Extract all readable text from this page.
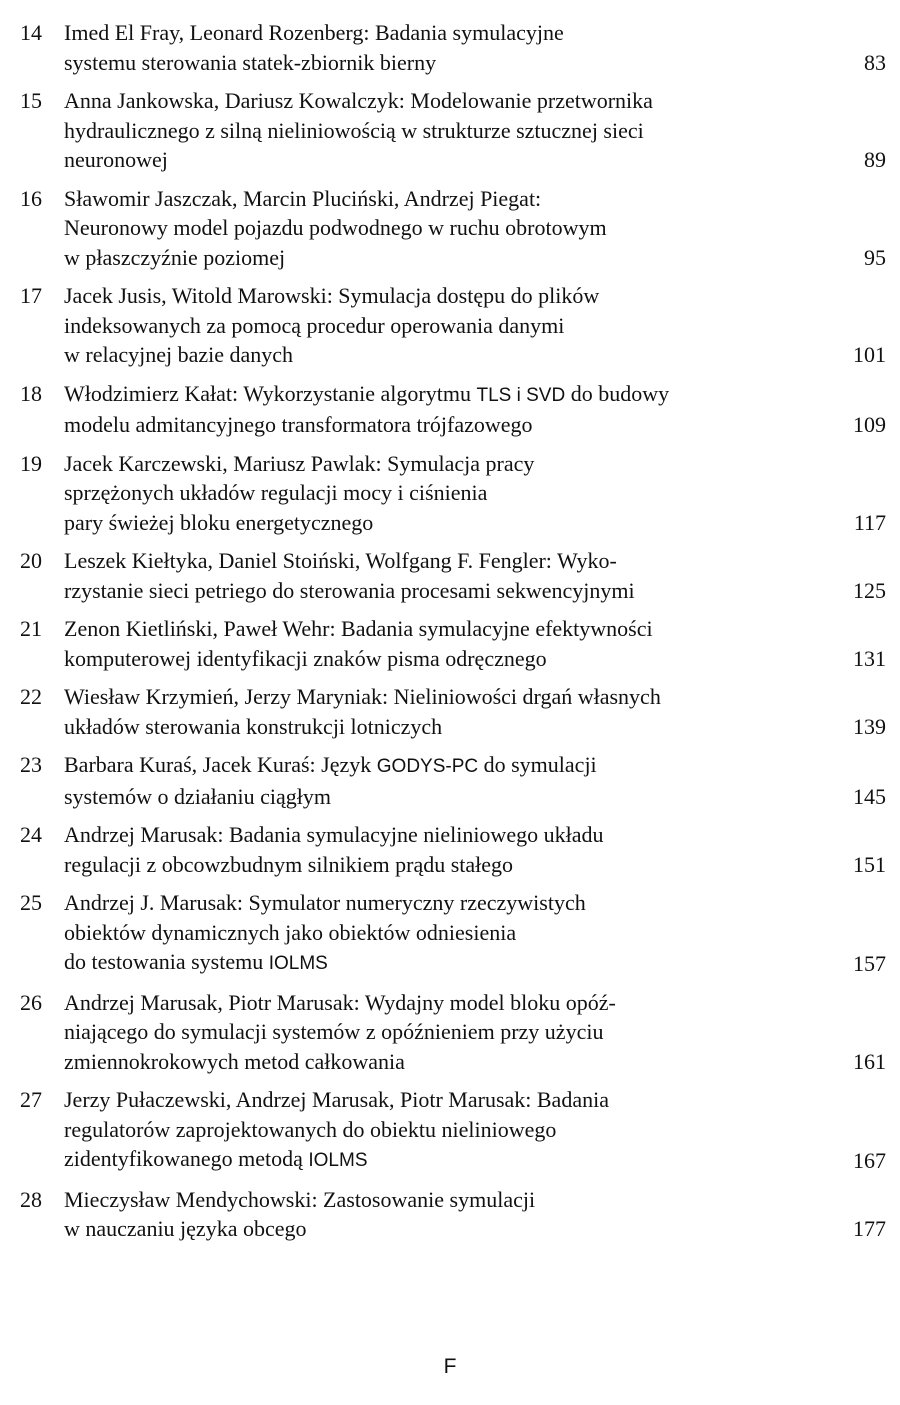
14	Imed El Fray, Leonard Rozenberg: Badania symulacyjne
systemu sterowania statek-zbiornik bierny	83
15	Anna Jankowska, Dariusz Kowalczyk: Modelowanie przetwornika
hydraulicznego z silną nieliniowością w strukturze sztucznej sieci
neuronowej	89
16	Sławomir Jaszczak, Marcin Pluciński, Andrzej Piegat:
Neuronowy model pojazdu podwodnego w ruchu obrotowym
w płaszczyźnie poziomej	95
17	Jacek Jusis, Witold Marowski: Symulacja dostępu do plików
indeksowanych za pomocą procedur operowania danymi
w relacyjnej bazie danych	101
18	Włodzimierz Kałat: Wykorzystanie algorytmu TLS i SVD do budowy
modelu admitancyjnego transformatora trójfazowego	109
19	Jacek Karczewski, Mariusz Pawlak: Symulacja pracy
sprzężonych układów regulacji mocy i ciśnienia
pary świeżej bloku energetycznego	117
20	Leszek Kiełtyka, Daniel Stoiński, Wolfgang F. Fengler: Wyko-
rzystanie sieci petriego do sterowania procesami sekwencyjnymi	125
21	Zenon Kietliński, Paweł Wehr: Badania symulacyjne efektywności
komputerowej identyfikacji znaków pisma odręcznego	131
22	Wiesław Krzymień, Jerzy Maryniak: Nieliniowości drgań własnych
układów sterowania konstrukcji lotniczych	139
23	Barbara Kuraś, Jacek Kuraś: Język GODYS-PC do symulacji
systemów o działaniu ciągłym	145
24	Andrzej Marusak: Badania symulacyjne nieliniowego układu
regulacji z obcowzbudnym silnikiem prądu stałego	151
25	Andrzej J. Marusak: Symulator numeryczny rzeczywistych
obiektów dynamicznych jako obiektów odniesienia
do testowania systemu IOLMS	157
26	Andrzej Marusak, Piotr Marusak: Wydajny model bloku opóź-
niającego do symulacji systemów z opóźnieniem przy użyciu
zmiennokrokowych metod całkowania	161
27	Jerzy Pułaczewski, Andrzej Marusak, Piotr Marusak: Badania
regulatorów zaprojektowanych do obiektu nieliniowego
zidentyfikowanego metodą IOLMS	167
28	Mieczysław Mendychowski: Zastosowanie symulacji
w nauczaniu języka obcego	177
F
